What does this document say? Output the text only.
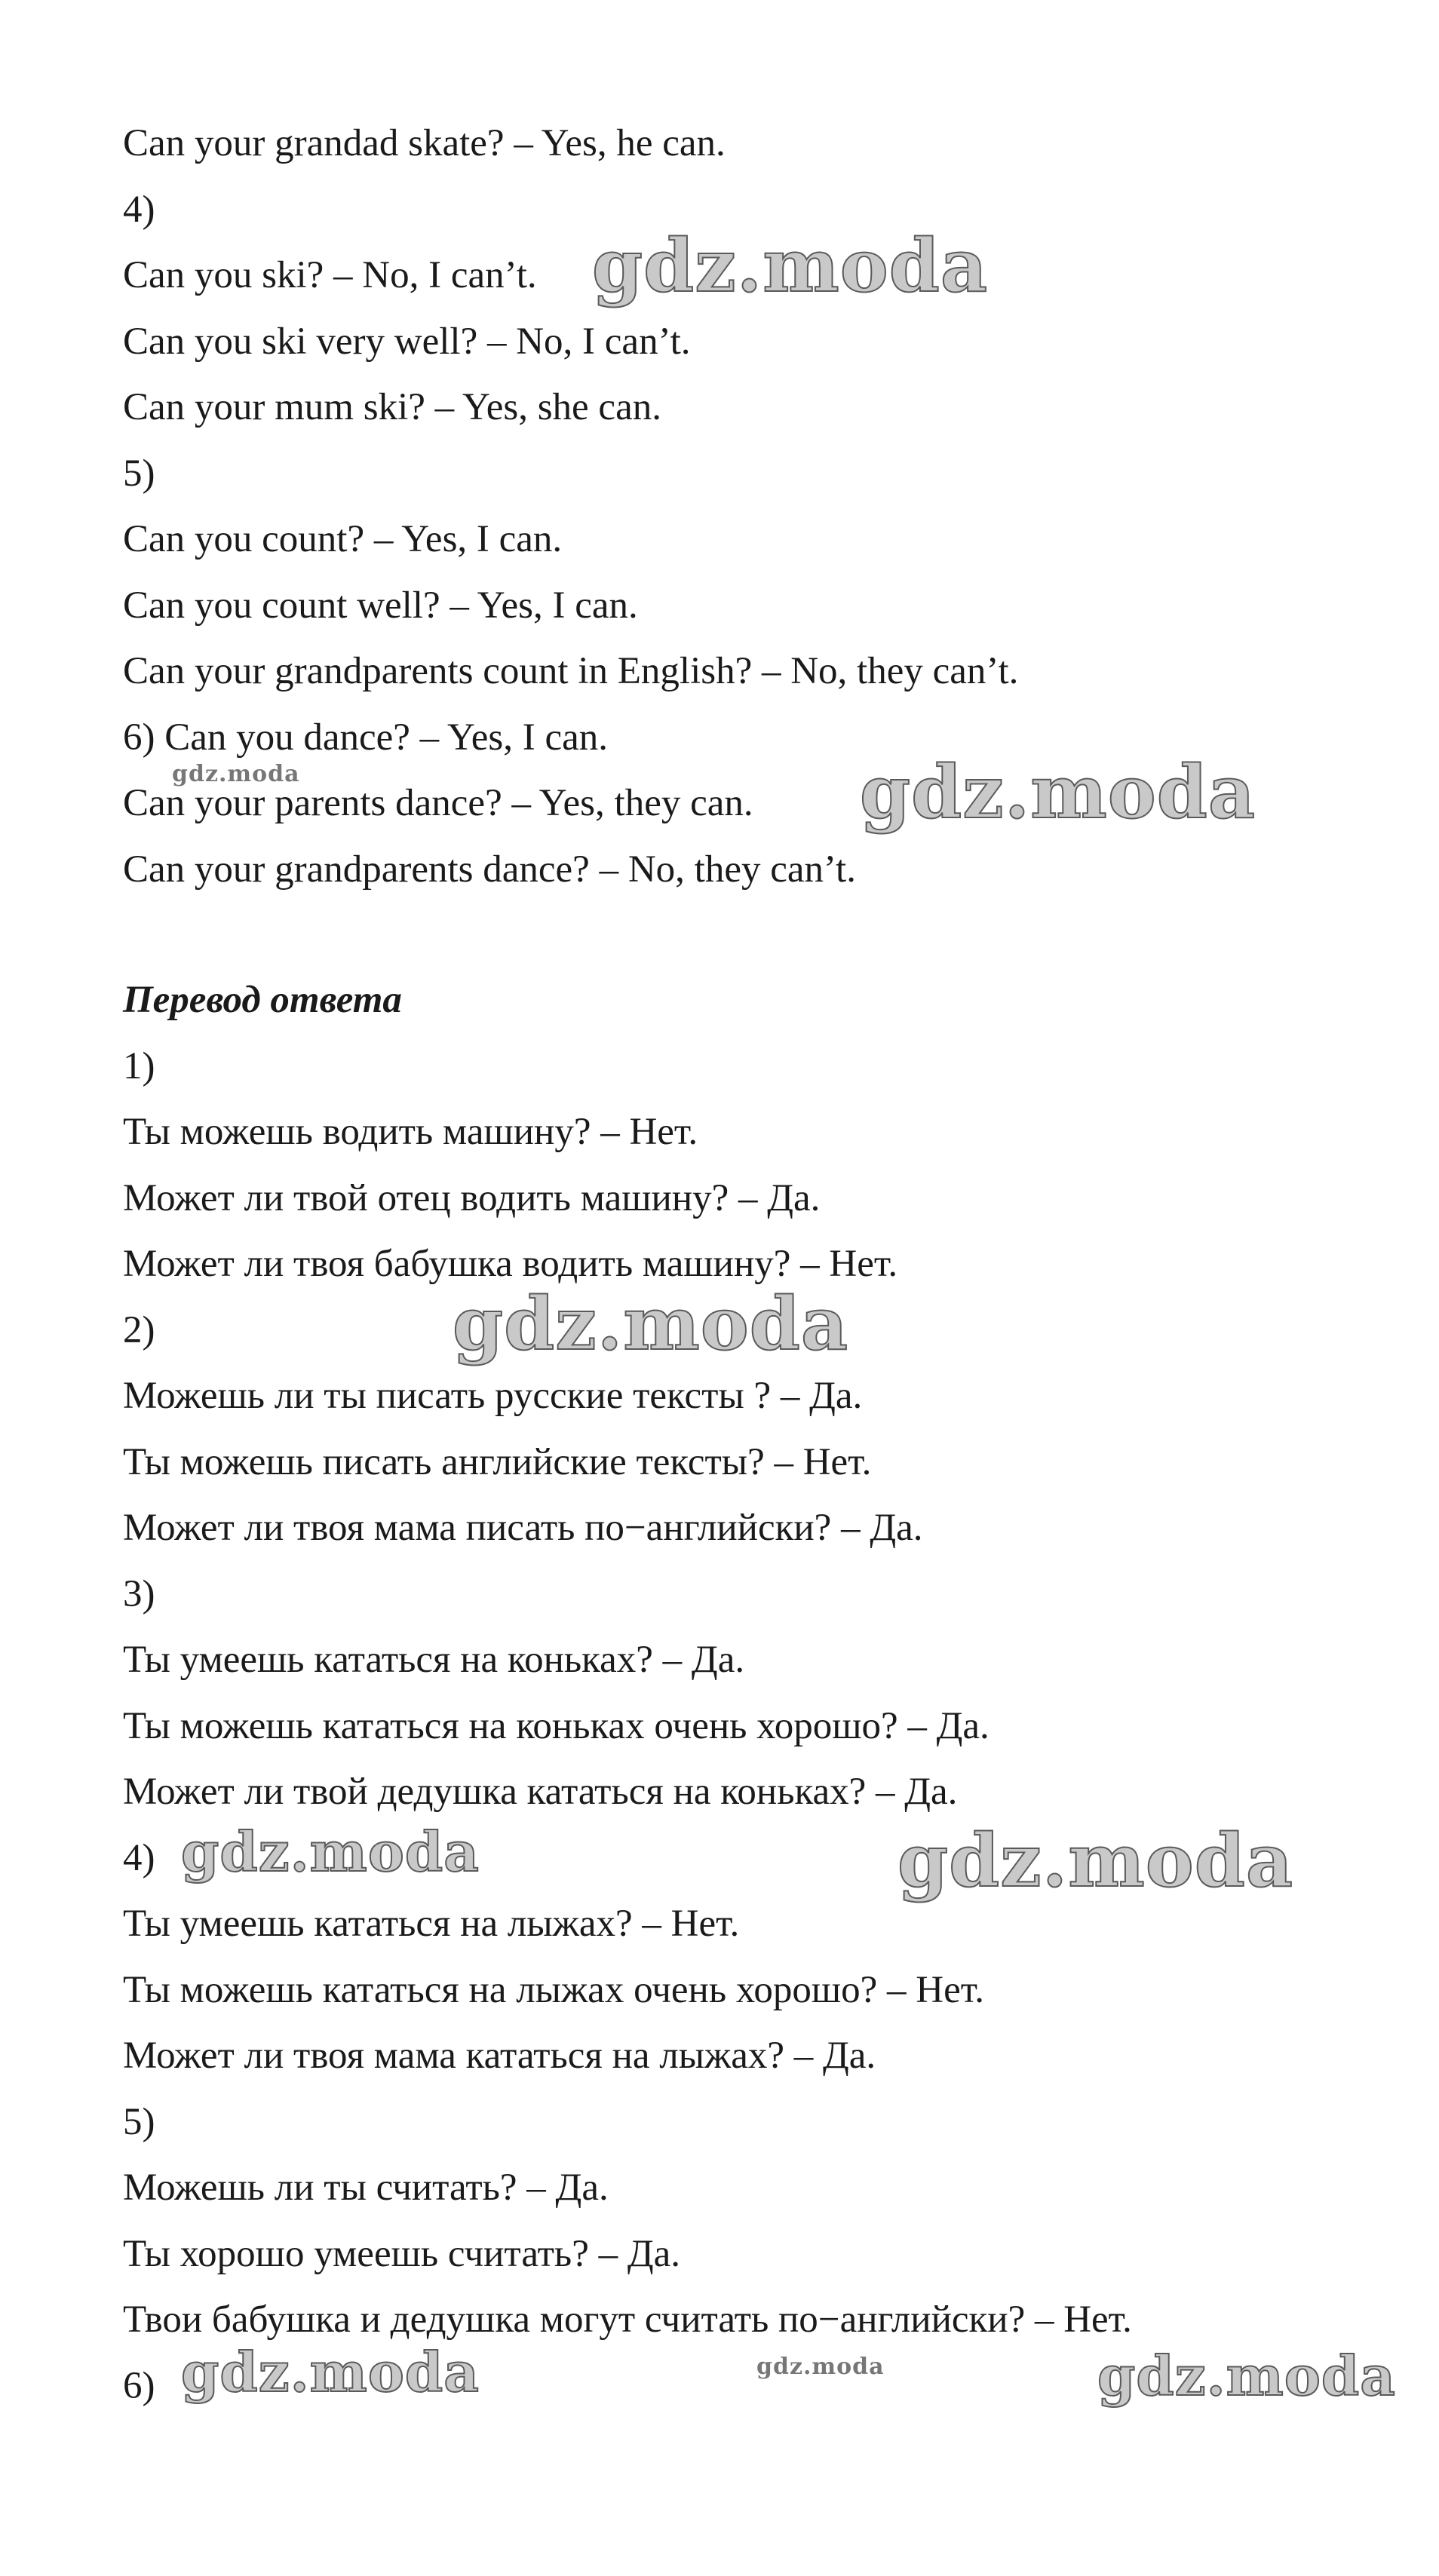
Can your grandad skate? – Yes, he can.
4)
Can you ski? – No, I can’t.
Can you ski very well? – No, I can’t.
Can your mum ski? – Yes, she can.
5)
Can you count? – Yes, I can.
Can you count well? – Yes, I can.
Can your grandparents count in English? – No, they can’t.
6) Can you dance? – Yes, I can.
Can your parents dance? – Yes, they can.
Can your grandparents dance? – No, they can’t.
Перевод ответа
1)
Ты можешь водить машину? – Нет.
Может ли твой отец водить машину? – Да.
Может ли твоя бабушка водить машину? – Нет.
2)
Можешь ли ты писать русские тексты ? – Да.
Ты можешь писать английские тексты? – Нет.
Может ли твоя мама писать по−английски? – Да.
3)
Ты умеешь кататься на коньках? – Да.
Ты можешь кататься на коньках очень хорошо? – Да.
Может ли твой дедушка кататься на коньках? – Да.
4)
Ты умеешь кататься на лыжах? – Нет.
Ты можешь кататься на лыжах очень хорошо? – Нет.
Может ли твоя мама кататься на лыжах? – Да.
5)
Можешь ли ты считать? – Да.
Ты хорошо умеешь считать? – Да.
Твои бабушка и дедушка могут считать по−английски? – Нет.
6)
gdz.moda
gdz.moda	gdz.moda
gdz.moda
gdz.moda	gdz.moda
gdz.moda	gdz.moda	gdz.moda
